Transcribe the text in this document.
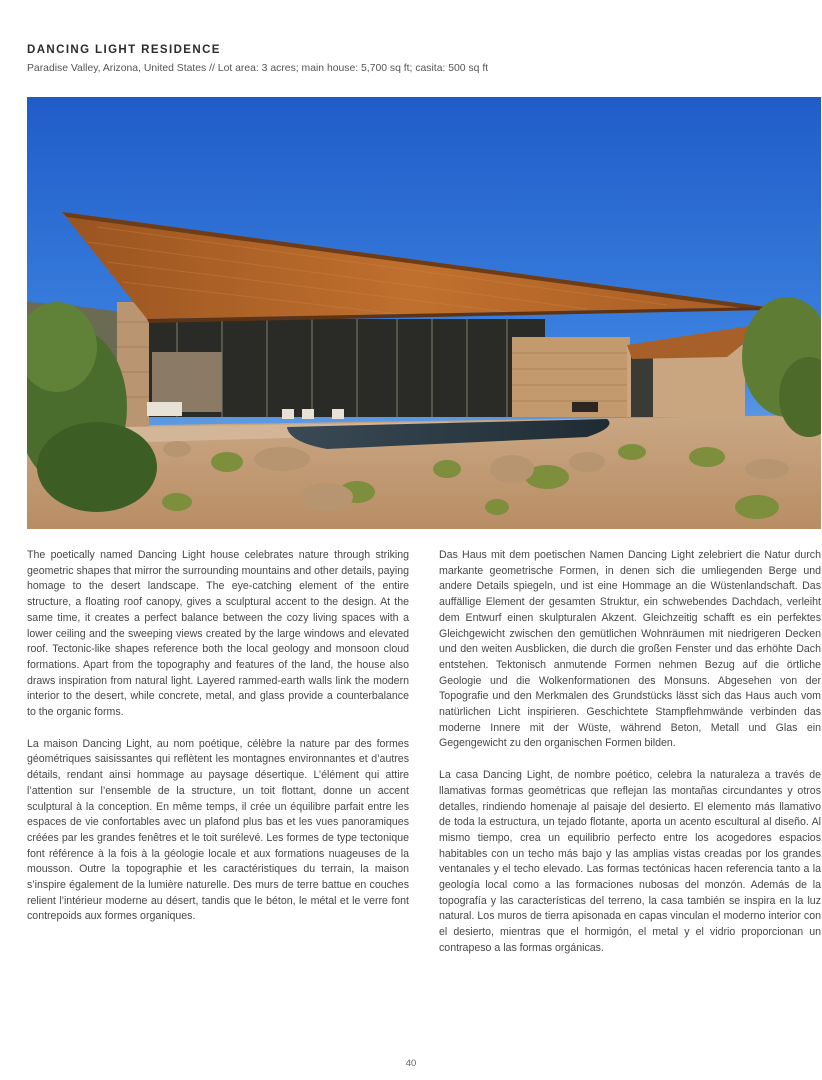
DANCING LIGHT RESIDENCE
Paradise Valley, Arizona, United States // Lot area: 3 acres; main house: 5,700 sq ft; casita: 500 sq ft

The poetically named Dancing Light house celebrates nature through striking geometric shapes that mirror the surrounding mountains and other details, paying homage to the desert landscape. The eye-catching element of the entire structure, a floating roof canopy, gives a sculptural accent to the design. At the same time, it creates a perfect balance between the cozy living spaces with a lower ceiling and the sweeping views created by the large windows and elevated roof. Tectonic-like shapes reference both the local geology and monsoon cloud formations. Apart from the topography and features of the land, the house also draws inspiration from natural light. Layered rammed-earth walls link the modern interior to the desert, while concrete, metal, and glass provide a counterbalance to the organic forms.

La maison Dancing Light, au nom poétique, célèbre la nature par des formes géométriques saisissantes qui reflètent les montagnes environnantes et d’autres détails, rendant ainsi hommage au paysage désertique. L’élément qui attire l’attention sur l’ensemble de la structure, un toit flottant, donne un accent sculptural à la conception. En même temps, il crée un équilibre parfait entre les espaces de vie confortables avec un plafond plus bas et les vues panoramiques créées par les grandes fenêtres et le toit surélevé. Les formes de type tectonique font référence à la fois à la géologie locale et aux formations nuageuses de la mousson. Outre la topographie et les caractéristiques du terrain, la maison s’inspire également de la lumière naturelle. Des murs de terre battue en couches relient l’intérieur moderne au désert, tandis que le béton, le métal et le verre font contrepoids aux formes organiques.

Das Haus mit dem poetischen Namen Dancing Light zelebriert die Natur durch markante geometrische Formen, in denen sich die umliegenden Berge und andere Details spiegeln, und ist eine Hommage an die Wüstenlandschaft. Das auffällige Element der gesamten Struktur, ein schwebendes Dachdach, verleiht dem Entwurf einen skulpturalen Akzent. Gleichzeitig schafft es ein perfektes Gleichgewicht zwischen den gemütlichen Wohnräumen mit niedrigeren Decken und den weiten Ausblicken, die durch die großen Fenster und das erhöhte Dach entstehen. Tektonisch anmutende Formen nehmen Bezug auf die örtliche Geologie und die Wolkenformationen des Monsuns. Abgesehen von der Topografie und den Merkmalen des Grundstücks lässt sich das Haus auch vom natürlichen Licht inspirieren. Geschichtete Stampflehmwände verbinden das moderne Innere mit der Wüste, während Beton, Metall und Glas ein Gegengewicht zu den organischen Formen bilden.

La casa Dancing Light, de nombre poético, celebra la naturaleza a través de llamativas formas geométricas que reflejan las montañas circundantes y otros detalles, rindiendo homenaje al paisaje del desierto. El elemento más llamativo de toda la estructura, un tejado flotante, aporta un acento escultural al diseño. Al mismo tiempo, crea un equilibrio perfecto entre los acogedores espacios habitables con un techo más bajo y las amplias vistas creadas por los grandes ventanales y el techo elevado. Las formas tectónicas hacen referencia tanto a la geología local como a las formaciones nubosas del monzón. Además de la topografía y las características del terreno, la casa también se inspira en la luz natural. Los muros de tierra apisonada en capas vinculan el moderno interior con el desierto, mientras que el hormigón, el metal y el vidrio proporcionan un contrapeso a las formas orgánicas.

40
